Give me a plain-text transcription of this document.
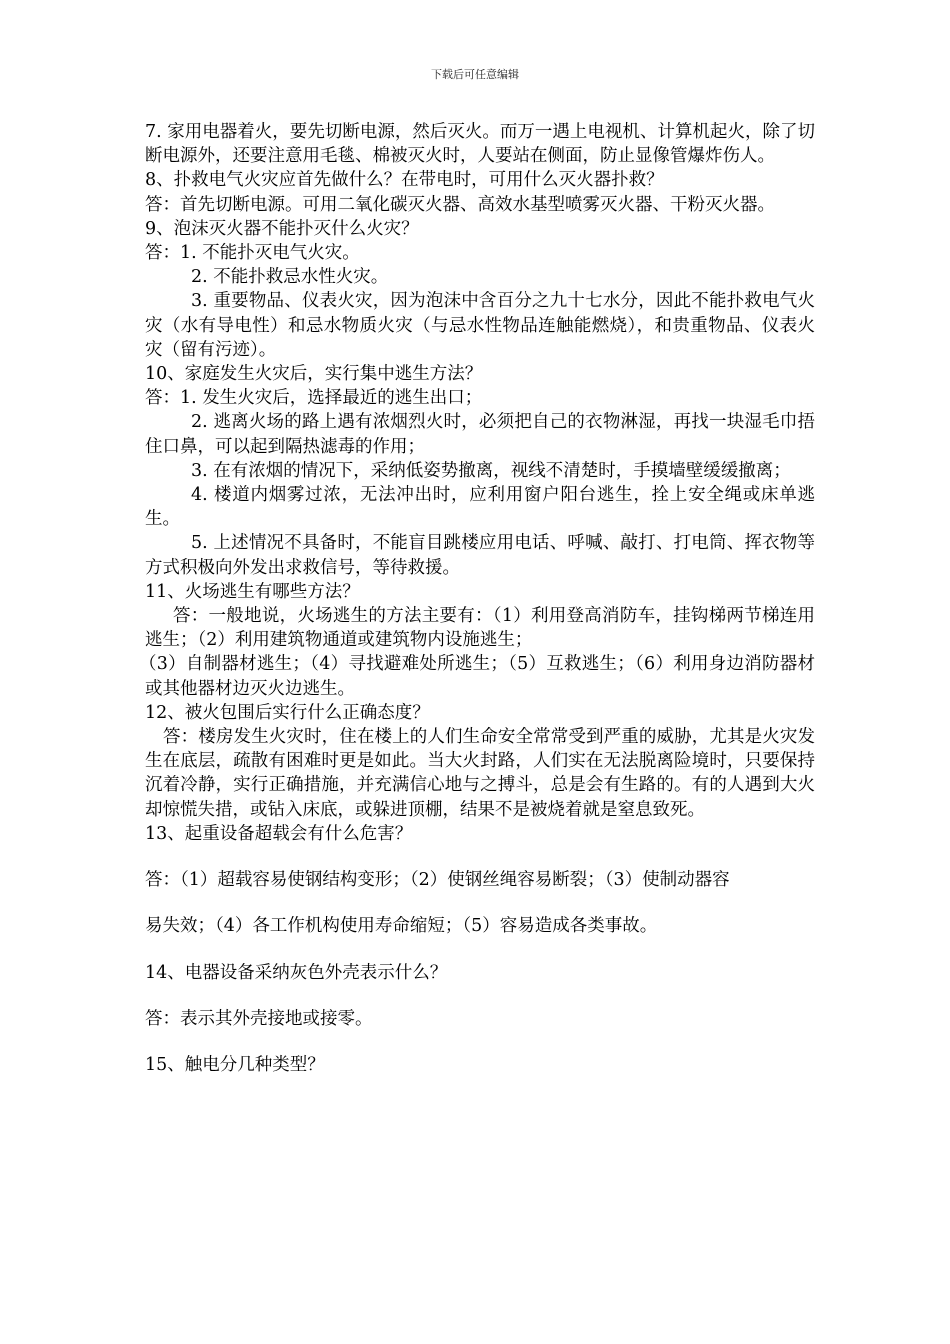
下载后可任意编辑

7. 家用电器着火，要先切断电源，然后灭火。而万一遇上电视机、计算机起火，除了切断电源外，还要注意用毛毯、棉被灭火时，人要站在侧面，防止显像管爆炸伤人。

8、扑救电气火灾应首先做什么？在带电时，可用什么灭火器扑救？

答：首先切断电源。可用二氧化碳灭火器、高效水基型喷雾灭火器、干粉灭火器。

9、泡沫灭火器不能扑灭什么火灾？

答：1. 不能扑灭电气火灾。

2. 不能扑救忌水性火灾。

3. 重要物品、仪表火灾，因为泡沫中含百分之九十七水分，因此不能扑救电气火灾（水有导电性）和忌水物质火灾（与忌水性物品连触能燃烧），和贵重物品、仪表火灾（留有污迹）。

10、家庭发生火灾后，实行集中逃生方法？

答：1. 发生火灾后，选择最近的逃生出口；

2. 逃离火场的路上遇有浓烟烈火时，必须把自己的衣物淋湿，再找一块湿毛巾捂住口鼻，可以起到隔热滤毒的作用；

3. 在有浓烟的情况下，采纳低姿势撤离，视线不清楚时，手摸墙壁缓缓撤离；

4. 楼道内烟雾过浓，无法冲出时，应利用窗户阳台逃生，拴上安全绳或床单逃生。

5. 上述情况不具备时，不能盲目跳楼应用电话、呼喊、敲打、打电筒、挥衣物等方式积极向外发出求救信号，等待救援。

11、火场逃生有哪些方法？

答：一般地说，火场逃生的方法主要有：（1）利用登高消防车，挂钩梯两节梯连用逃生；（2）利用建筑物通道或建筑物内设施逃生；

（3）自制器材逃生；（4）寻找避难处所逃生；（5）互救逃生；（6）利用身边消防器材或其他器材边灭火边逃生。

12、被火包围后实行什么正确态度？

答：楼房发生火灾时，住在楼上的人们生命安全常常受到严重的威胁，尤其是火灾发生在底层，疏散有困难时更是如此。当大火封路，人们实在无法脱离险境时，只要保持沉着冷静，实行正确措施，并充满信心地与之搏斗，总是会有生路的。有的人遇到大火却惊慌失措，或钻入床底，或躲进顶棚，结果不是被烧着就是窒息致死。

13、起重设备超载会有什么危害？

答：（1）超载容易使钢结构变形；（2）使钢丝绳容易断裂；（3）使制动器容

易失效；（4）各工作机构使用寿命缩短；（5）容易造成各类事故。

14、电器设备采纳灰色外壳表示什么？

答：表示其外壳接地或接零。

15、触电分几种类型？
